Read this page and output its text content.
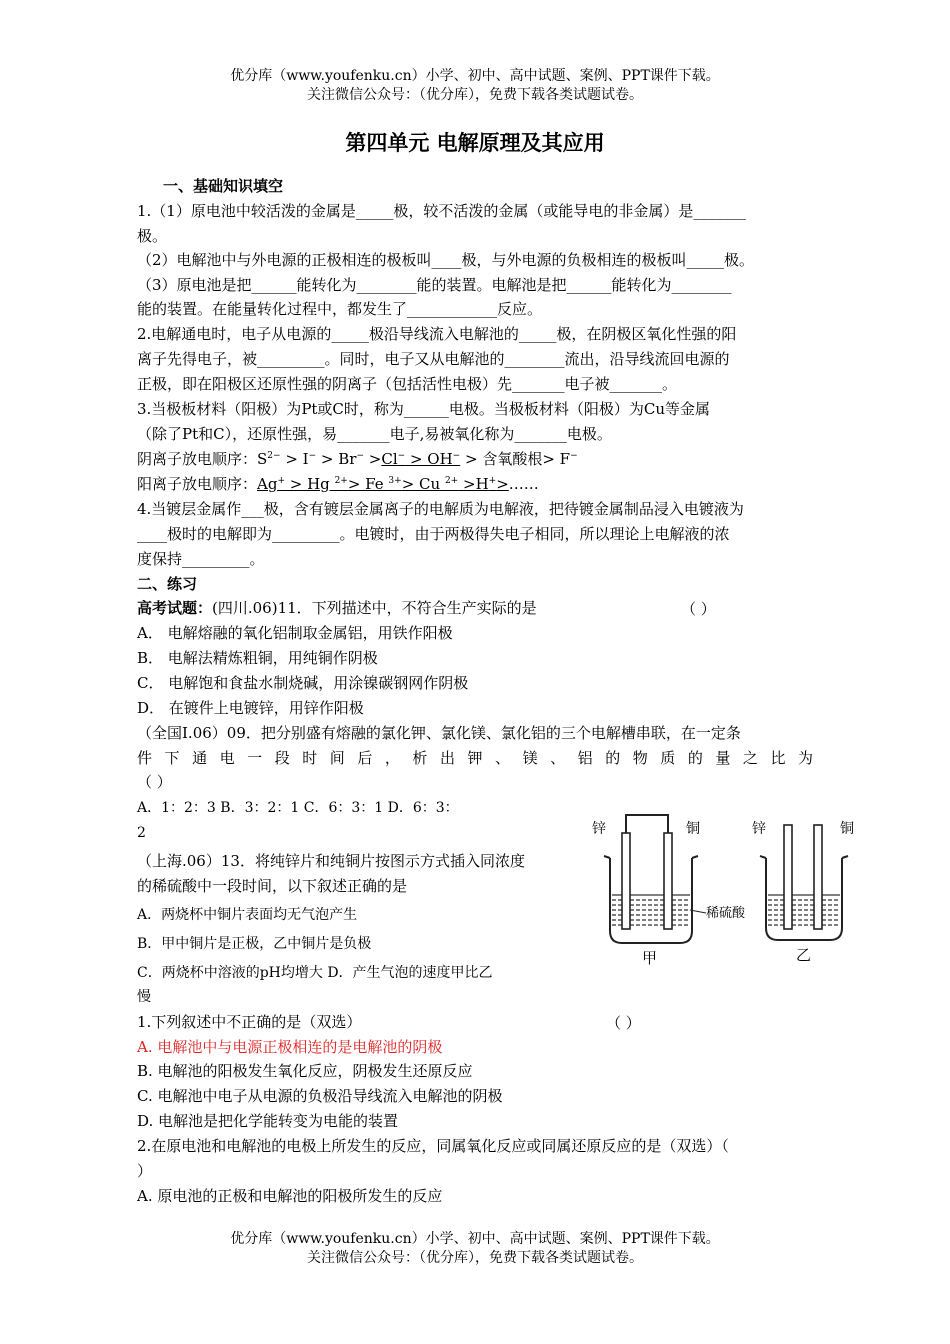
优分库（www.youfenku.cn）小学、初中、高中试题、案例、PPT课件下载。
关注微信公众号：（优分库），免费下载各类试题试卷。
第四单元 电解原理及其应用
一、基础知识填空
1.（1）原电池中较活泼的金属是_____极，较不活泼的金属（或能导电的非金属）是_______
极。
（2）电解池中与外电源的正极相连的极板叫____极，与外电源的负极相连的极板叫_____极。
（3）原电池是把______能转化为________能的装置。电解池是把______能转化为________
能的装置。在能量转化过程中，都发生了____________反应。
2.电解通电时，电子从电源的_____极沿导线流入电解池的_____极，在阴极区氧化性强的阳
离子先得电子，被_________。同时，电子又从电解池的________流出，沿导线流回电源的
正极，即在阳极区还原性强的阴离子（包括活性电极）先_______电子被_______。
3.当极板材料（阳极）为Pt或C时，称为______电极。当极板材料（阳极）为Cu等金属
（除了Pt和C），还原性强，易_______电子,易被氧化称为_______电极。
阴离子放电顺序：$S^{2-} > I^- > Br^- >Cl^- > OH^-$ > 含氧酸根> F−
阳离子放电顺序：Ag+ > Hg $^{2+}$> Fe $^{3+}$> Cu $^{2+}$ >H+>……
4.当镀层金属作___极，含有镀层金属离子的电解质为电解液，把待镀金属制品浸入电镀液为
____极时的电解即为_________。电镀时，由于两极得失电子相同，所以理论上电解液的浓
度保持_________。
二、练习
高考试题：(四川.06)11．下列描述中，不符合生产实际的是	（ ）
A． 电解熔融的氧化铝制取金属铝，用铁作阳极
B． 电解法精炼粗铜，用纯铜作阴极
C． 电解饱和食盐水制烧碱，用涂镍碳钢网作阴极
D． 在镀件上电镀锌，用锌作阳极
（全国Ⅰ.06）09．把分别盛有熔融的氯化钾、氯化镁、氯化铝的三个电解槽串联，在一定条
件下通电一段时间后，析出钾、镁、铝的物质的量之比为
（ ）
A．1：2：3 B．3：2：1 C．6：3：1 D．6：3：
2
（上海.06）13．将纯锌片和纯铜片按图示方式插入同浓度
的稀硫酸中一段时间，以下叙述正确的是
A．两烧杯中铜片表面均无气泡产生
B．甲中铜片是正极，乙中铜片是负极
C．两烧杯中溶液的pH均增大 D．产生气泡的速度甲比乙
慢
1.下列叙述中不正确的是（双选）	（ ）
A. 电解池中与电源正极相连的是电解池的阴极
B. 电解池的阳极发生氧化反应，阴极发生还原反应
C. 电解池中电子从电源的负极沿导线流入电解池的阴极
D. 电解池是把化学能转变为电能的装置
2.在原电池和电解池的电极上所发生的反应，同属氧化反应或同属还原反应的是（双选）（
）
A. 原电池的正极和电解池的阳极所发生的反应
优分库（www.youfenku.cn）小学、初中、高中试题、案例、PPT课件下载。
关注微信公众号：（优分库），免费下载各类试题试卷。
锌	铜
稀硫酸
甲
锌	铜
乙
